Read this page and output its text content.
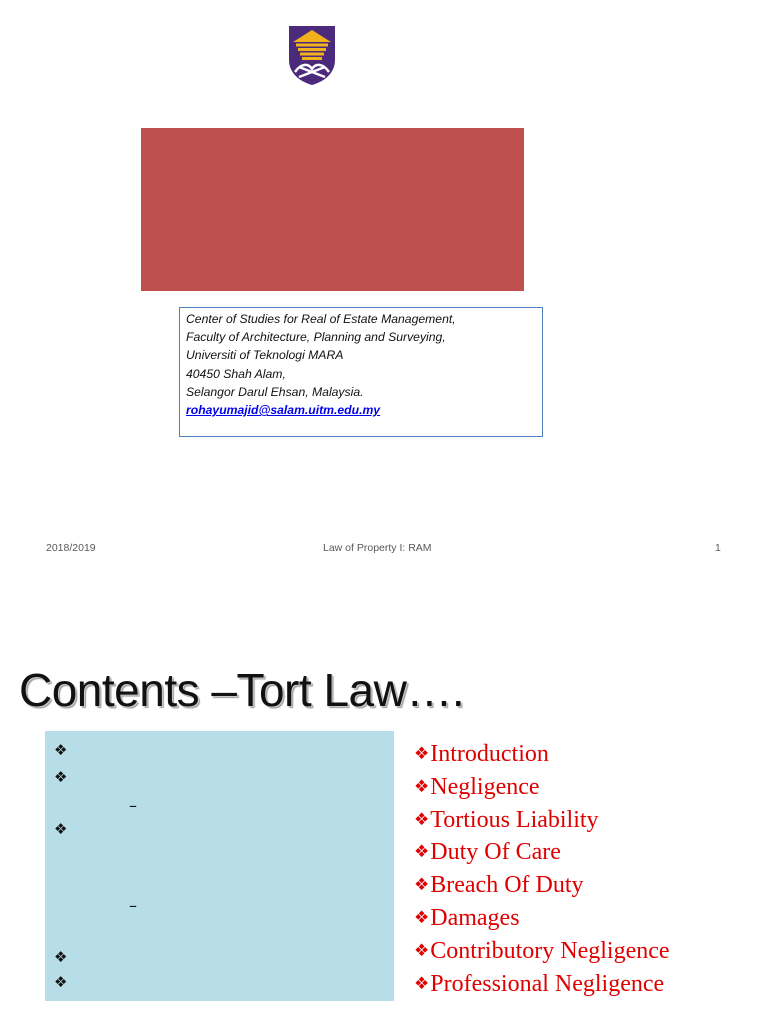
Center of Studies for Real of Estate Management,
Faculty of Architecture, Planning and Surveying,
Universiti of Teknologi MARA
40450 Shah Alam,
Selangor Darul Ehsan, Malaysia.
rohayumajid@salam.uitm.edu.my
2018/2019	Law of Property I: RAM	1
Contents –Tort Law….
❖
❖
–
❖
–
❖
❖
❖Introduction
❖Negligence
❖Tortious Liability
❖Duty Of Care
❖Breach Of Duty
❖Damages
❖Contributory Negligence
❖Professional Negligence
